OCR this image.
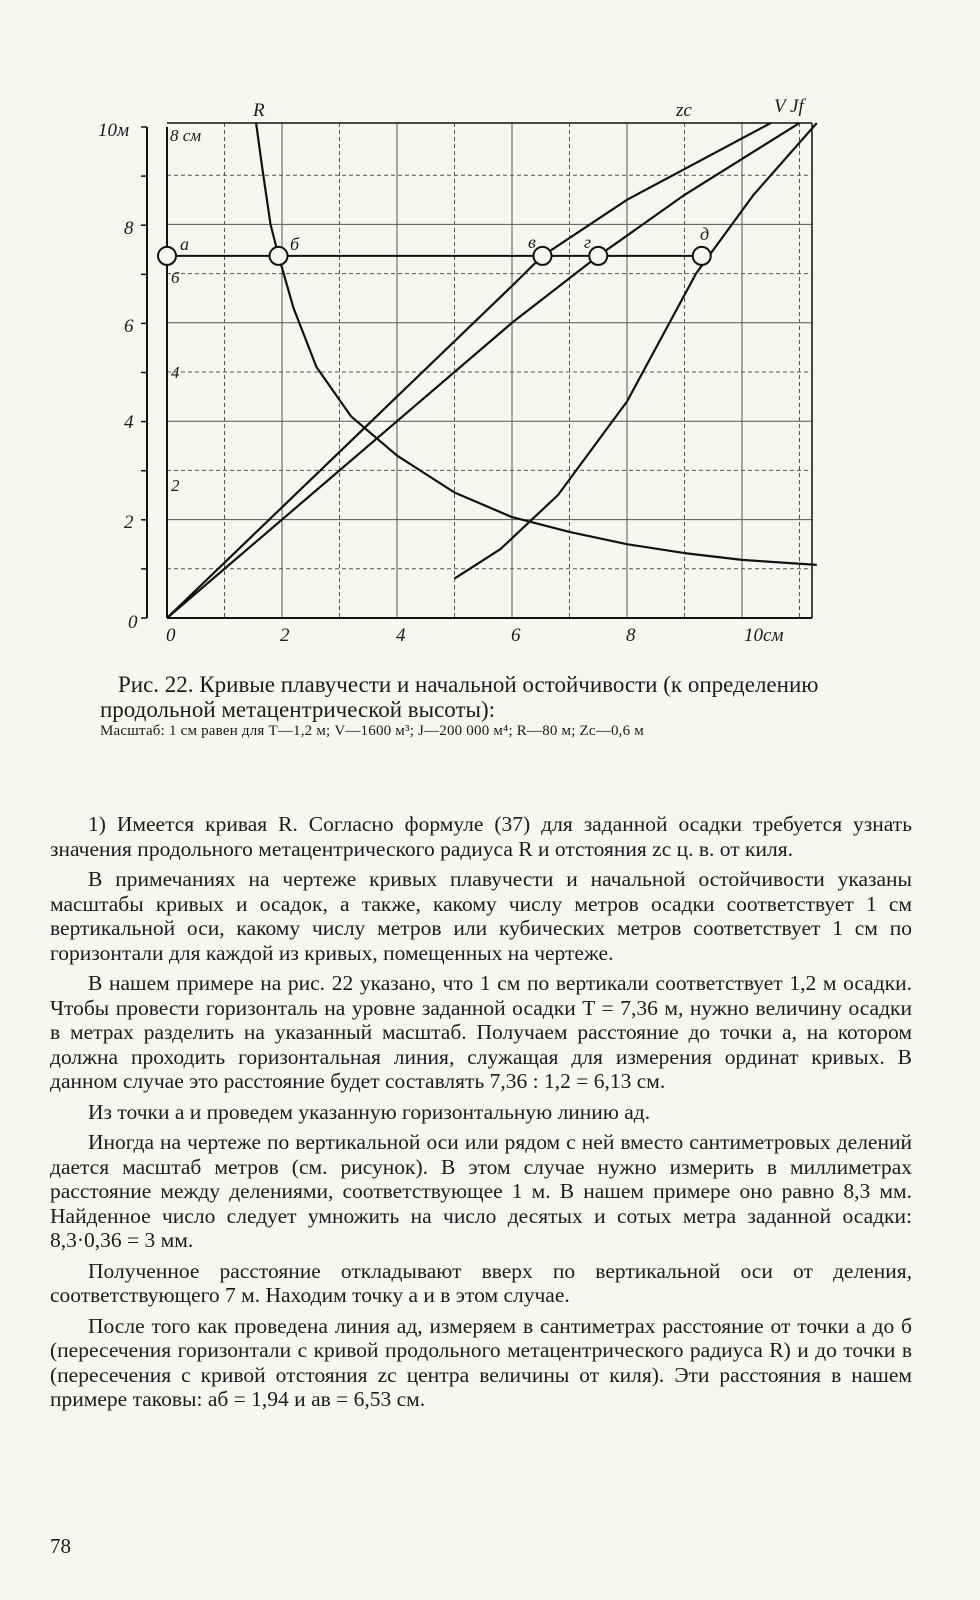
10м
0
2
4
6
8
8 см
6
4
2
0	2	4	6	8	10см
R	zc	V Jf
а	б	в	г	д
Рис. 22. Кривые плавучести и начальной остойчивости (к определению продольной метацентрической высоты):
Масштаб: 1 см равен для T—1,2 м; V—1600 м³; J—200 000 м⁴; R—80 м; Zc—0,6 м

1) Имеется кривая R. Согласно формуле (37) для заданной осадки требуется узнать значения продольного метацентрического радиуса R и отстояния zc ц. в. от киля.

В примечаниях на чертеже кривых плавучести и начальной остойчивости указаны масштабы кривых и осадок, а также, какому числу метров осадки соответствует 1 см вертикальной оси, какому числу метров или кубических метров соответствует 1 см по горизонтали для каждой из кривых, помещенных на чертеже.

В нашем примере на рис. 22 указано, что 1 см по вертикали соответствует 1,2 м осадки. Чтобы провести горизонталь на уровне заданной осадки T = 7,36 м, нужно величину осадки в метрах разделить на указанный масштаб. Получаем расстояние до точки а, на котором должна проходить горизонтальная линия, служащая для измерения ординат кривых. В данном случае это расстояние будет составлять 7,36 : 1,2 = 6,13 см.

Из точки а и проведем указанную горизонтальную линию ад.

Иногда на чертеже по вертикальной оси или рядом с ней вместо сантиметровых делений дается масштаб метров (см. рисунок). В этом случае нужно измерить в миллиметрах расстояние между делениями, соответствующее 1 м. В нашем примере оно равно 8,3 мм. Найденное число следует умножить на число десятых и сотых метра заданной осадки: 8,3·0,36 = 3 мм.

Полученное расстояние откладывают вверх по вертикальной оси от деления, соответствующего 7 м. Находим точку а и в этом случае.

После того как проведена линия ад, измеряем в сантиметрах расстояние от точки а до б (пересечения горизонтали с кривой продольного метацентрического радиуса R) и до точки в (пересечения с кривой отстояния zc центра величины от киля). Эти расстояния в нашем примере таковы: аб = 1,94 и ав = 6,53 см.

78
